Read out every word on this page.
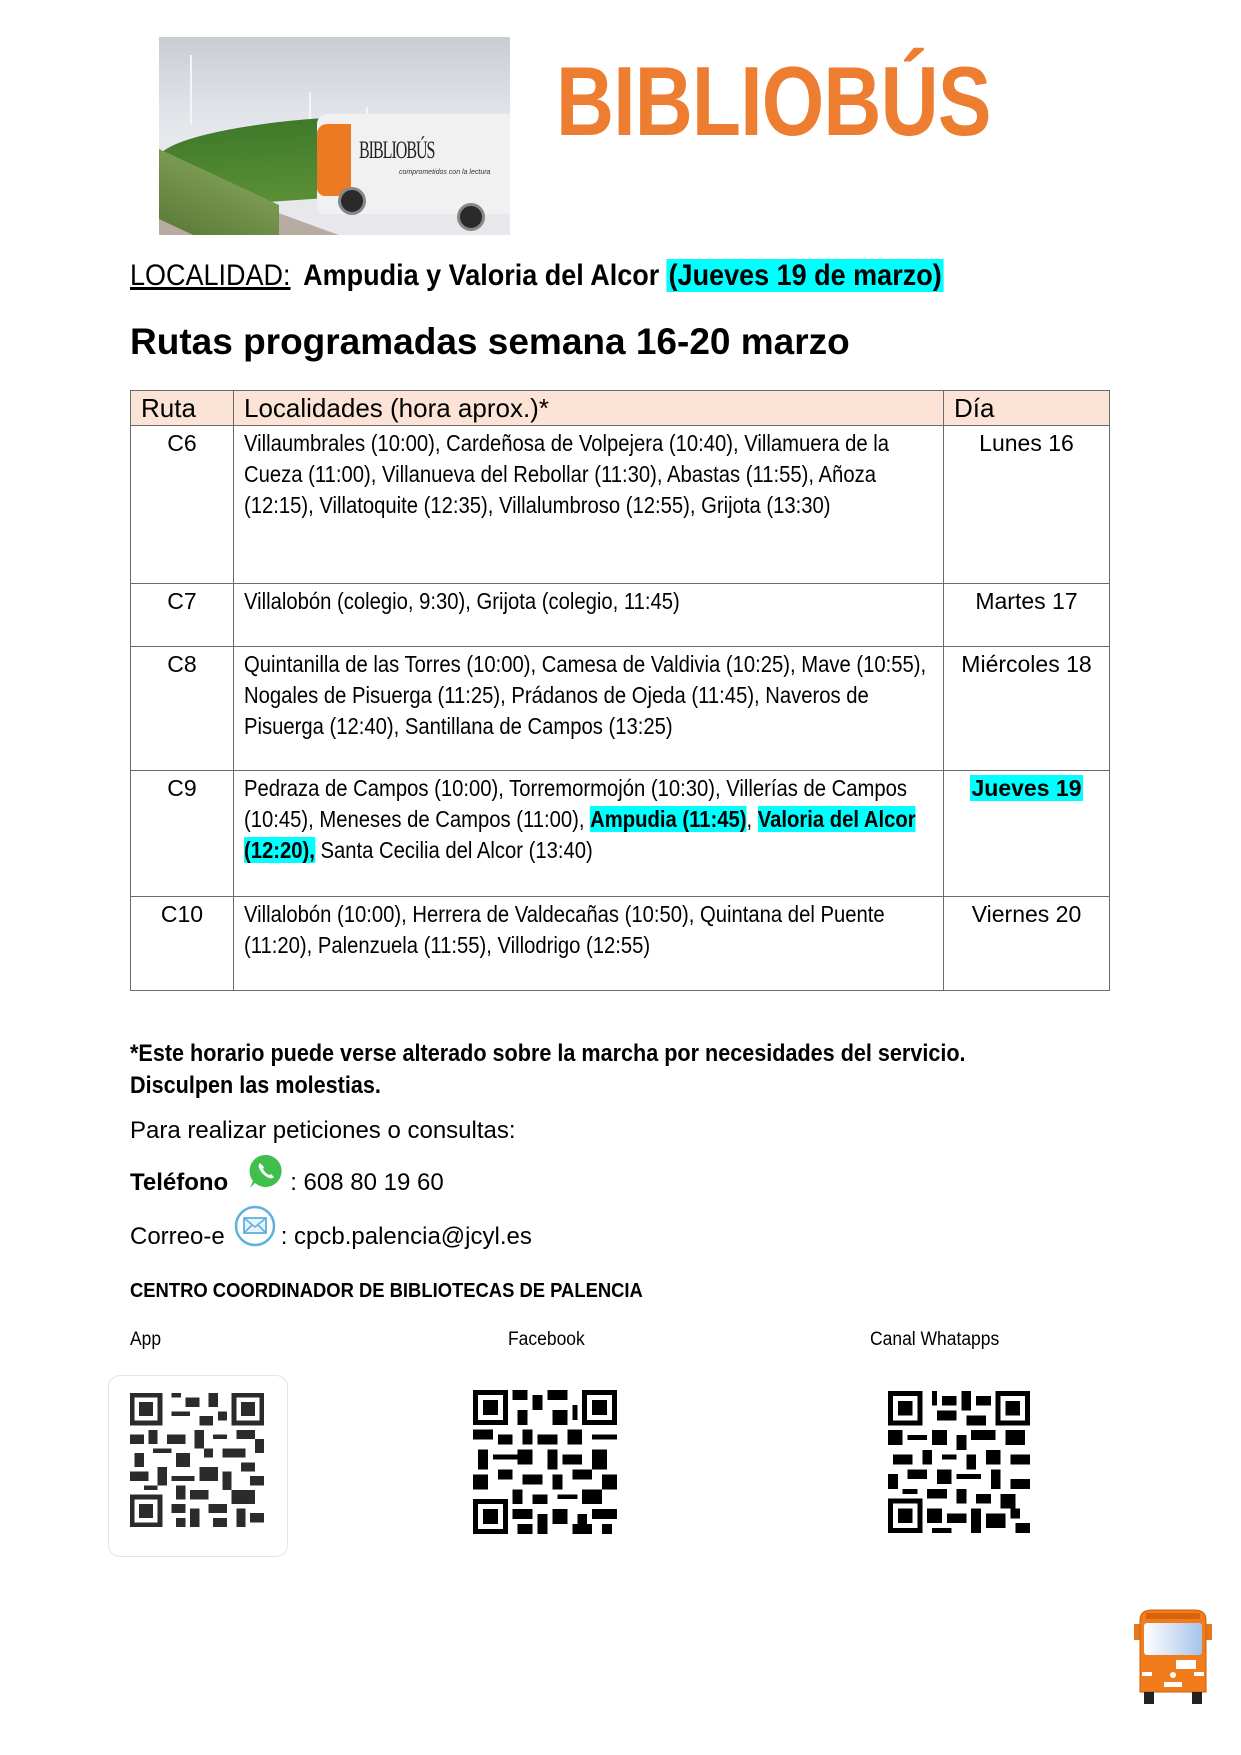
BIBLIOBÚS
comprometidos con la lectura
BIBLIOBÚS
LOCALIDAD: Ampudia y Valoria del Alcor (Jueves 19 de marzo)
Rutas programadas semana 16-20 marzo
Ruta	Localidades (hora aprox.)*	Día
C6	Villaumbrales (10:00), Cardeñosa de Volpejera (10:40), Villamuera de la Cueza (11:00), Villanueva del Rebollar (11:30), Abastas (11:55), Añoza (12:15), Villatoquite (12:35), Villalumbroso (12:55), Grijota (13:30)	Lunes 16
C7	Villalobón (colegio, 9:30), Grijota (colegio, 11:45)	Martes 17
C8	Quintanilla de las Torres (10:00), Camesa de Valdivia (10:25), Mave (10:55), Nogales de Pisuerga (11:25), Prádanos de Ojeda (11:45), Naveros de Pisuerga (12:40), Santillana de Campos (13:25)	Miércoles 18
C9	Pedraza de Campos (10:00), Torremormojón (10:30), Villerías de Campos (10:45), Meneses de Campos (11:00), Ampudia (11:45), Valoria del Alcor (12:20), Santa Cecilia del Alcor (13:40)	Jueves 19
C10	Villalobón (10:00), Herrera de Valdecañas (10:50), Quintana del Puente (11:20), Palenzuela (11:55), Villodrigo (12:55)	Viernes 20
*Este horario puede verse alterado sobre la marcha por necesidades del servicio.
Disculpen las molestias.
Para realizar peticiones o consultas:
Teléfono	: 608 80 19 60
Correo-e : cpcb.palencia@jcyl.es
CENTRO COORDINADOR DE BIBLIOTECAS DE PALENCIA
App	Facebook	Canal Whatapps
